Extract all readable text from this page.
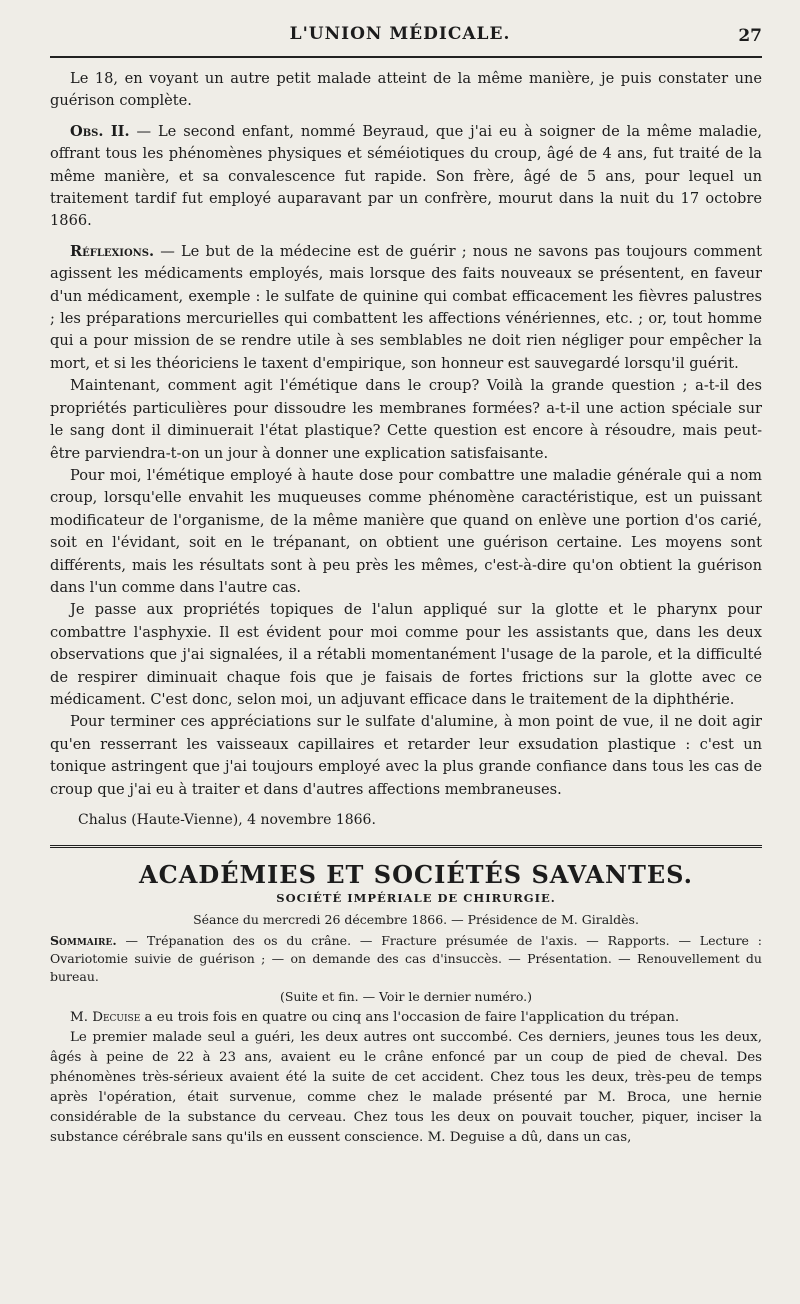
L'UNION MÉDICALE.	27

Le 18, en voyant un autre petit malade atteint de la même manière, je puis constater une guérison complète.

Obs. II. — Le second enfant, nommé Beyraud, que j'ai eu à soigner de la même maladie, offrant tous les phénomènes physiques et séméiotiques du croup, âgé de 4 ans, fut traité de la même manière, et sa convalescence fut rapide. Son frère, âgé de 5 ans, pour lequel un traitement tardif fut employé auparavant par un confrère, mourut dans la nuit du 17 octobre 1866.

Réflexions. — Le but de la médecine est de guérir ; nous ne savons pas toujours comment agissent les médicaments employés, mais lorsque des faits nouveaux se présentent, en faveur d'un médicament, exemple : le sulfate de quinine qui combat efficacement les fièvres palustres ; les préparations mercurielles qui combattent les affections vénériennes, etc. ; or, tout homme qui a pour mission de se rendre utile à ses semblables ne doit rien négliger pour empêcher la mort, et si les théoriciens le taxent d'empirique, son honneur est sauvegardé lorsqu'il guérit.

Maintenant, comment agit l'émétique dans le croup? Voilà la grande question ; a-t-il des propriétés particulières pour dissoudre les membranes formées? a-t-il une action spéciale sur le sang dont il diminuerait l'état plastique? Cette question est encore à résoudre, mais peut-être parviendra-t-on un jour à donner une explication satisfaisante.

Pour moi, l'émétique employé à haute dose pour combattre une maladie générale qui a nom croup, lorsqu'elle envahit les muqueuses comme phénomène caractéristique, est un puissant modificateur de l'organisme, de la même manière que quand on enlève une portion d'os carié, soit en l'évidant, soit en le trépanant, on obtient une guérison certaine. Les moyens sont différents, mais les résultats sont à peu près les mêmes, c'est-à-dire qu'on obtient la guérison dans l'un comme dans l'autre cas.

Je passe aux propriétés topiques de l'alun appliqué sur la glotte et le pharynx pour combattre l'asphyxie. Il est évident pour moi comme pour les assistants que, dans les deux observations que j'ai signalées, il a rétabli momentanément l'usage de la parole, et la difficulté de respirer diminuait chaque fois que je faisais de fortes frictions sur la glotte avec ce médicament. C'est donc, selon moi, un adjuvant efficace dans le traitement de la diphthérie.

Pour terminer ces appréciations sur le sulfate d'alumine, à mon point de vue, il ne doit agir qu'en resserrant les vaisseaux capillaires et retarder leur exsudation plastique : c'est un tonique astringent que j'ai toujours employé avec la plus grande confiance dans tous les cas de croup que j'ai eu à traiter et dans d'autres affections membraneuses.

Chalus (Haute-Vienne), 4 novembre 1866.

ACADÉMIES ET SOCIÉTÉS SAVANTES.

SOCIÉTÉ IMPÉRIALE DE CHIRURGIE.

Séance du mercredi 26 décembre 1866. — Présidence de M. Giraldès.

Sommaire. — Trépanation des os du crâne. — Fracture présumée de l'axis. — Rapports. — Lecture : Ovariotomie suivie de guérison ; — on demande des cas d'insuccès. — Présentation. — Renouvellement du bureau.

(Suite et fin. — Voir le dernier numéro.)

M. Decuise a eu trois fois en quatre ou cinq ans l'occasion de faire l'application du trépan.

Le premier malade seul a guéri, les deux autres ont succombé. Ces derniers, jeunes tous les deux, âgés à peine de 22 à 23 ans, avaient eu le crâne enfoncé par un coup de pied de cheval. Des phénomènes très-sérieux avaient été la suite de cet accident. Chez tous les deux, très-peu de temps après l'opération, était survenue, comme chez le malade présenté par M. Broca, une hernie considérable de la substance du cerveau. Chez tous les deux on pouvait toucher, piquer, inciser la substance cérébrale sans qu'ils en eussent conscience. M. Deguise a dû, dans un cas,
